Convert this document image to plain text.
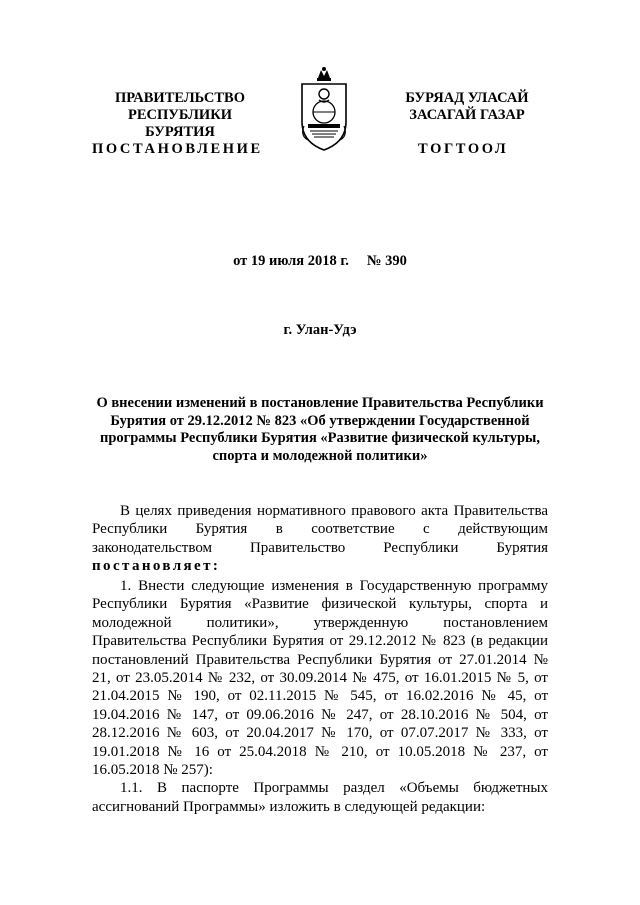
ПРАВИТЕЛЬСТВО
РЕСПУБЛИКИ БУРЯТИЯ
БУРЯАД УЛАСАЙ
ЗАСАГАЙ ГАЗАР
ПОСТАНОВЛЕНИЕ	ТОГТООЛ
от 19 июля 2018 г. № 390
г. Улан-Удэ
О внесении изменений в постановление Правительства Республики Бурятия от 29.12.2012 № 823 «Об утверждении Государственной программы Республики Бурятия «Развитие физической культуры, спорта и молодежной политики»

В целях приведения нормативного правового акта Правительства Республики Бурятия в соответствие с действующим законодательством Правительство Республики Бурятия постановляет:

1. Внести следующие изменения в Государственную программу Республики Бурятия «Развитие физической культуры, спорта и молодежной политики», утвержденную постановлением Правительства Республики Бурятия от 29.12.2012 № 823 (в редакции постановлений Правительства Республики Бурятия от 27.01.2014 № 21, от 23.05.2014 № 232, от 30.09.2014 № 475, от 16.01.2015 № 5, от 21.04.2015 № 190, от 02.11.2015 № 545, от 16.02.2016 № 45, от 19.04.2016 № 147, от 09.06.2016 № 247, от 28.10.2016 № 504, от 28.12.2016 № 603, от 20.04.2017 № 170, от 07.07.2017 № 333, от 19.01.2018 № 16 от 25.04.2018 № 210, от 10.05.2018 № 237, от 16.05.2018 № 257):

1.1. В паспорте Программы раздел «Объемы бюджетных ассигнований Программы» изложить в следующей редакции:
